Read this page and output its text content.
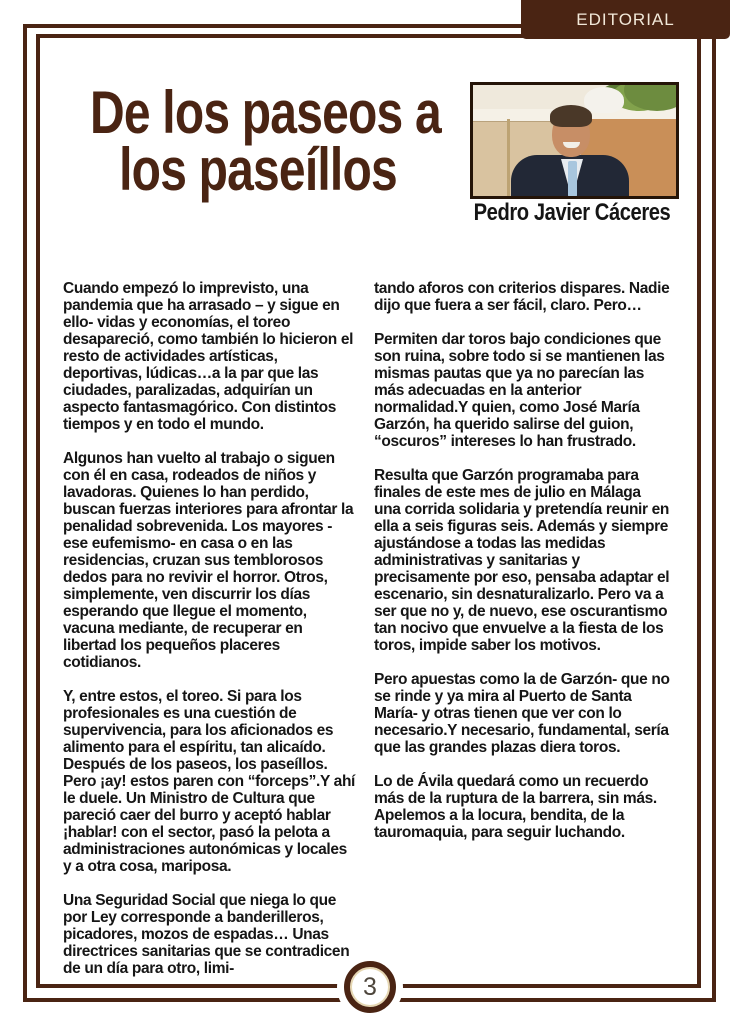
EDITORIAL
De los paseos a
los paseíllos
Pedro Javier Cáceres

Cuando empezó lo imprevisto, una pandemia que ha arrasado – y sigue en ello- vidas y economías, el toreo desapareció, como también lo hicieron el resto de actividades artísticas, deportivas, lúdicas…a la par que las ciudades, paralizadas, adquirían un aspecto fantasmagórico. Con distintos tiempos y en todo el mundo.

Algunos han vuelto al trabajo o siguen con él en casa, rodeados de niños y lavadoras. Quienes lo han perdido, buscan fuerzas interiores para afrontar la penalidad sobrevenida. Los mayores - ese eufemismo- en casa o en las residencias, cruzan sus temblorosos dedos para no revivir el horror. Otros, simplemente, ven discurrir los días esperando que llegue el momento, vacuna mediante, de recuperar en libertad los pequeños placeres cotidianos.

Y, entre estos, el toreo. Si para los profesionales es una cuestión de supervivencia, para los aficionados es alimento para el espíritu, tan alicaído. Después de los paseos, los paseíllos. Pero ¡ay! estos paren con “forceps”.Y ahí le duele. Un Ministro de Cultura que pareció caer del burro y aceptó hablar ¡hablar! con el sector, pasó la pelota a administraciones autonómicas y locales y a otra cosa, mariposa.

Una Seguridad Social que niega lo que por Ley corresponde a banderilleros, picadores, mozos de espadas… Unas directrices sanitarias que se contradicen de un día para otro, limi-

tando aforos con criterios dispares. Nadie dijo que fuera a ser fácil, claro. Pero…

Permiten dar toros bajo condiciones que son ruina, sobre todo si se mantienen las mismas pautas que ya no parecían las más adecuadas en la anterior normalidad.Y quien, como José María Garzón, ha querido salirse del guion, “oscuros” intereses lo han frustrado.

Resulta que Garzón programaba para finales de este mes de julio en Málaga una corrida solidaria y pretendía reunir en ella a seis figuras seis. Además y siempre ajustándose a todas las medidas administrativas y sanitarias y precisamente por eso, pensaba adaptar el escenario, sin desnaturalizarlo. Pero va a ser que no y, de nuevo, ese oscurantismo tan nocivo que envuelve a la fiesta de los toros, impide saber los motivos.

Pero apuestas como la de Garzón- que no se rinde y ya mira al Puerto de Santa María- y otras tienen que ver con lo necesario.Y necesario, fundamental, sería que las grandes plazas diera toros.

Lo de Ávila quedará como un recuerdo más de la ruptura de la barrera, sin más. Apelemos a la locura, bendita, de la tauromaquia, para seguir luchando.

3
